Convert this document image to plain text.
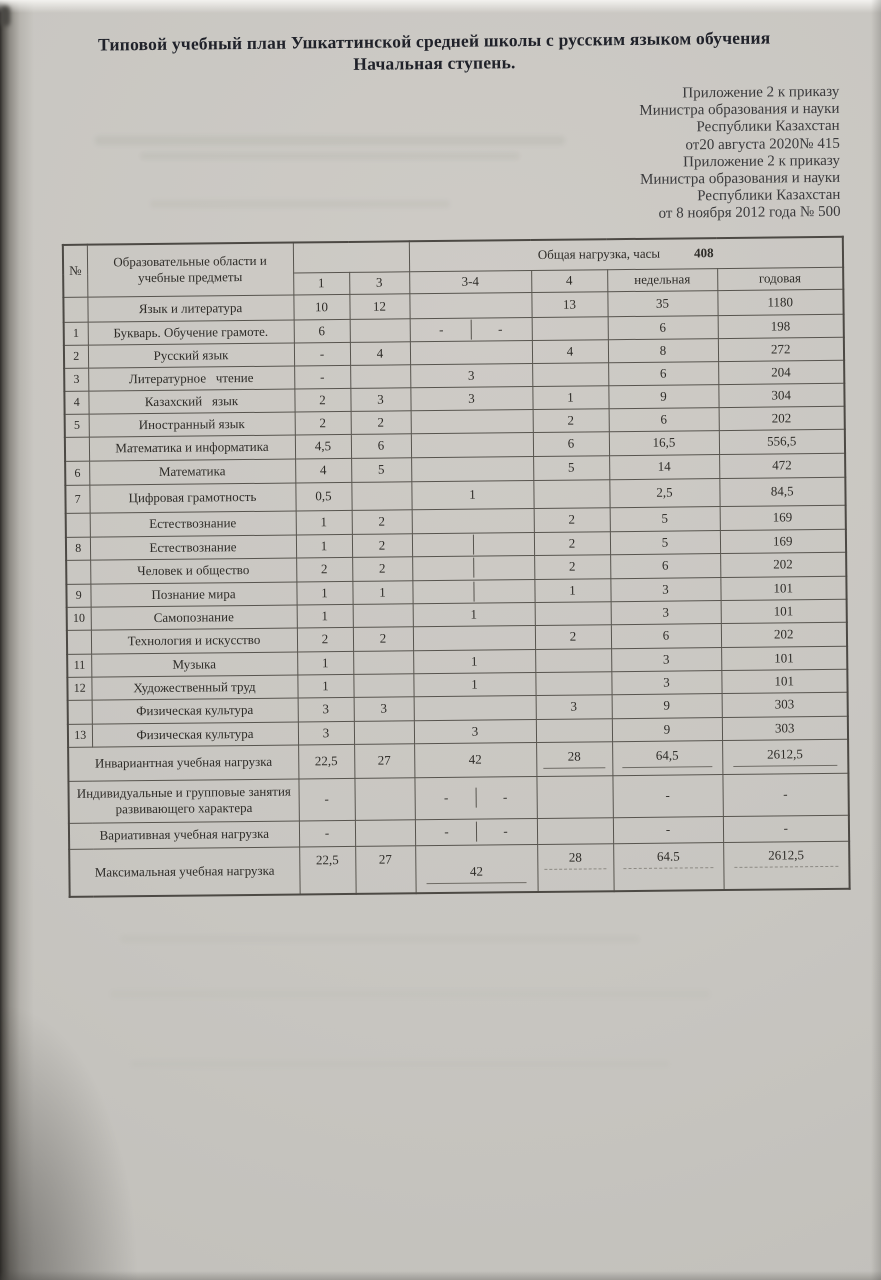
Типовой учебный план Ушкаттинской средней школы с русским языком обучения
Начальная ступень.
Приложение 2 к приказу
Министра образования и науки
Республики Казахстан
от20 августа 2020№ 415
Приложение 2 к приказу
Министра образования и науки
Республики Казахстан
от 8 ноября 2012 года № 500
№	Образовательные области и учебные предметы			Общая нагрузка, часы 408			
		1	3	3-4	4	недельная	годовая
	Язык и литература	10	12		13	35	1180
1	Букварь. Обучение грамоте.	6		- -		6	198
2	Русский язык	-	4		4	8	272
3	Литературное   чтение	-		3		6	204
4	Казахский   язык	2	3	3	1	9	304
5	Иностранный язык	2	2		2	6	202
	Математика и информатика	4,5	6		6	16,5	556,5
6	Математика	4	5		5	14	472
7	Цифровая грамотность	0,5		1		2,5	84,5
	Естествознание	1	2		2	5	169
8	Естествознание	1	2		2	5	169
	Человек и общество	2	2		2	6	202
9	Познание мира	1	1		1	3	101
10	Самопознание	1		1		3	101
	Технология и искусство	2	2		2	6	202
11	Музыка	1		1		3	101
12	Художественный труд	1		1		3	101
	Физическая культура	3	3		3	9	303
13	Физическая культура	3		3		9	303
Инвариантная учебная нагрузка		22,5	27	42	28	64,5	2612,5

Индивидуальные и групповые занятия развивающего характера		-		- -		-	-
Вариативная учебная нагрузка		-		- -		-	-
Максимальная учебная нагрузка		22,5	27	42	28	64.5	2612,5
